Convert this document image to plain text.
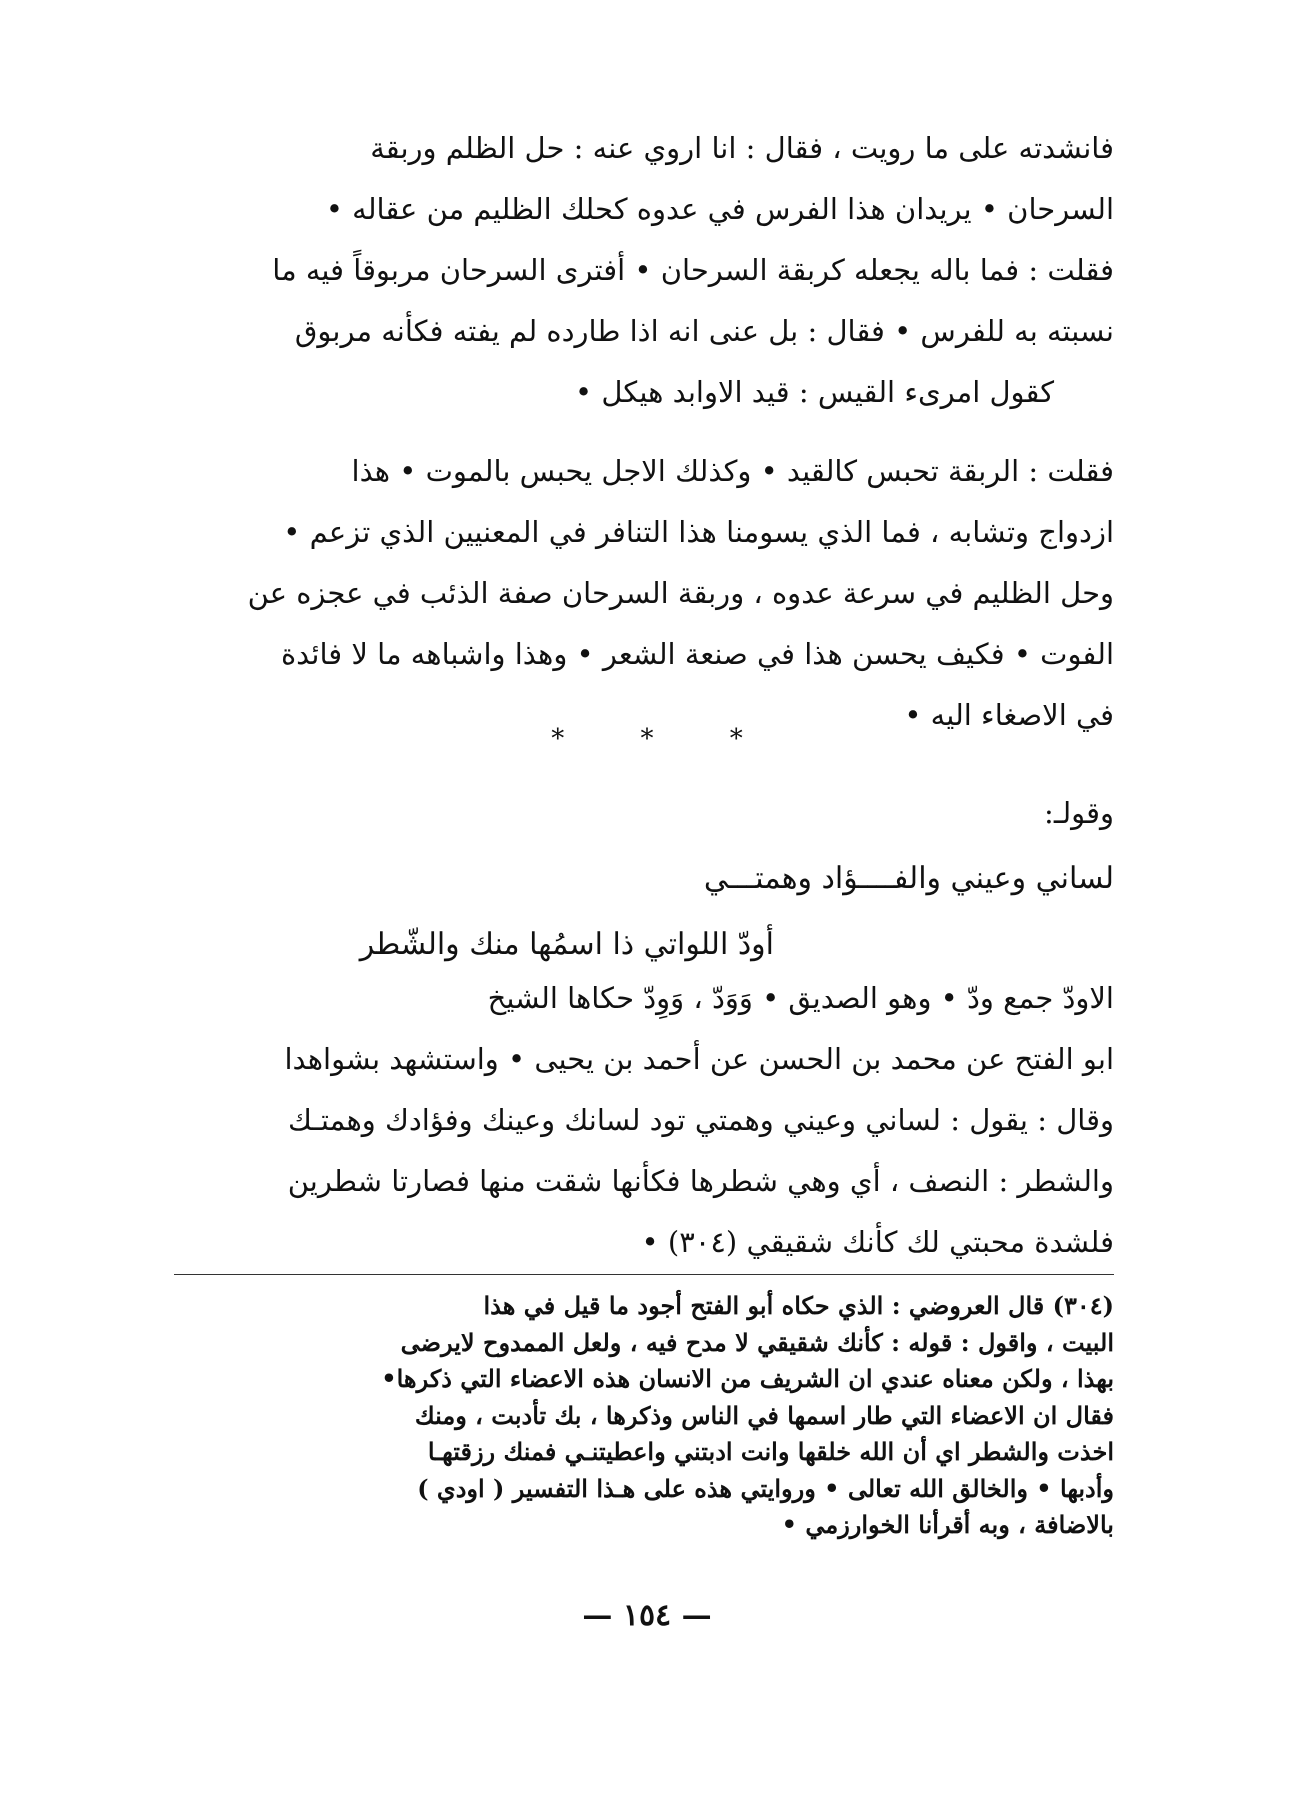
فانشدته على ما رويت ، فقال : انا اروي عنه : حل الظلم وربقة
السرحان • يريدان هذا الفرس في عدوه كحلك الظليم من عقاله •
فقلت : فما باله يجعله كربقة السرحان • أفترى السرحان مربوقاً فيه ما
نسبته به للفرس • فقال : بل عنى انه اذا طارده لم يفته فكأنه مربوق
كقول امرىء القيس : قيد الاوابد هيكل •
فقلت : الربقة تحبس كالقيد • وكذلك الاجل يحبس بالموت • هذا
ازدواج وتشابه ، فما الذي يسومنا هذا التنافر في المعنيين الذي تزعم •
وحل الظليم في سرعة عدوه ، وربقة السرحان صفة الذئب في عجزه عن
الفوت • فكيف يحسن هذا في صنعة الشعر • وهذا واشباهه ما لا فائدة
في الاصغاء اليه •
* * *
وقولـ:
لساني وعيني والفــــؤاد وهمتـــي
أودّ اللواتي ذا اسمُها منك والشّطر
الاودّ جمع ودّ • وهو الصديق • وَوَدّ ، وَوِدّ حكاها الشيخ
ابو الفتح عن محمد بن الحسن عن أحمد بن يحيى • واستشهد بشواهدا
وقال : يقول : لساني وعيني وهمتي تود لسانك وعينك وفؤادك وهمتـك
والشطر : النصف ، أي وهي شطرها فكأنها شقت منها فصارتا شطرين
فلشدة محبتي لك كأنك شقيقي (٣٠٤) •
(٣٠٤) قال العروضي : الذي حكاه أبو الفتح أجود ما قيل في هذا
البيت ، واقول : قوله : كأنك شقيقي لا مدح فيه ، ولعل الممدوح لايرضى
بهذا ، ولكن معناه عندي ان الشريف من الانسان هذه الاعضاء التي ذكرها•
فقال ان الاعضاء التي طار اسمها في الناس وذكرها ، بك تأدبت ، ومنك
اخذت والشطر اي أن الله خلقها وانت ادبتني واعطيتنـي فمنك رزقتهـا
وأدبها • والخالق الله تعالى • وروايتي هذه على هـذا التفسير ( اودي )
بالاضافة ، وبه أقرأنا الخوارزمي •
— ١٥٤ —
